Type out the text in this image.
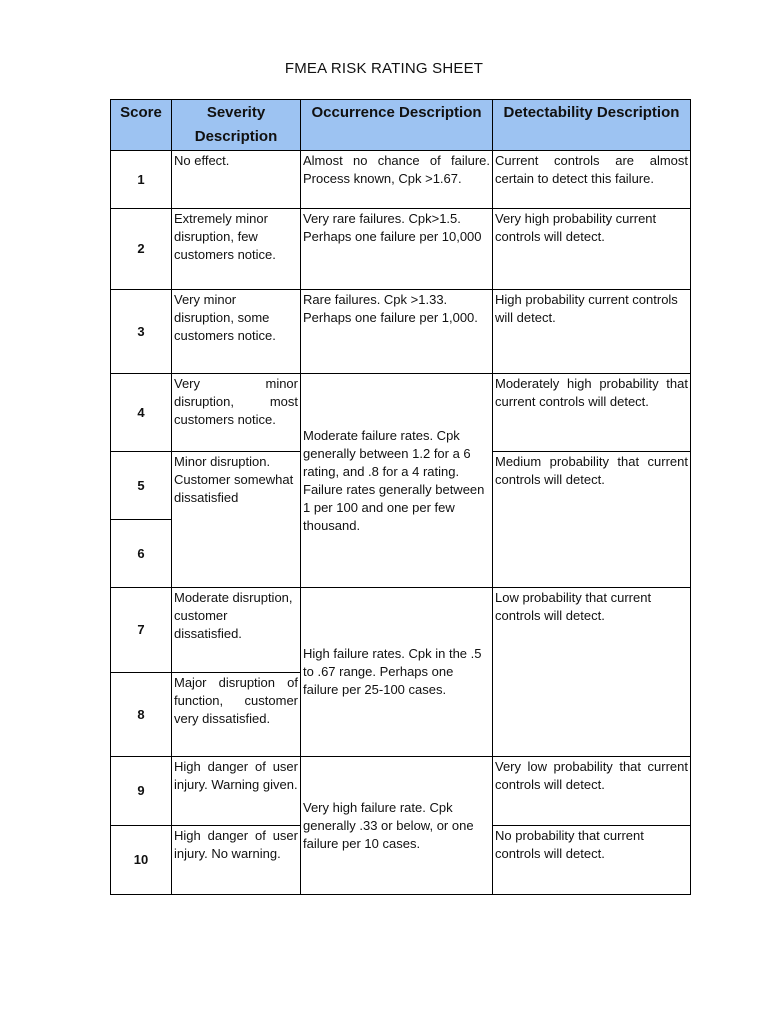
FMEA RISK RATING SHEET
Score	Severity Description	Occurrence Description	Detectability Description
1	No effect.	Almost no chance of failure. Process known, Cpk >1.67.	Current controls are almost certain to detect this failure.
2	Extremely minor disruption, few customers notice.	Very rare failures. Cpk>1.5. Perhaps one failure per 10,000	Very high probability current controls will detect.
3	Very minor disruption, some customers notice.	Rare failures. Cpk >1.33. Perhaps one failure per 1,000.	High probability current controls will detect.
4	Very minor disruption, most customers notice.	Moderate failure rates. Cpk generally between 1.2 for a 6 rating, and .8 for a 4 rating. Failure rates generally between 1 per 100 and one per few thousand.	Moderately high probability that current controls will detect.
5	Minor disruption. Customer somewhat dissatisfied		Medium probability that current controls will detect.
6			
7	Moderate disruption, customer dissatisfied.	High failure rates. Cpk in the .5 to .67 range. Perhaps one failure per 25-100 cases.	Low probability that current controls will detect.
8	Major disruption of function, customer very dissatisfied.		
9	High danger of user injury. Warning given.	Very high failure rate. Cpk generally .33 or below, or one failure per 10 cases.	Very low probability that current controls will detect.
10	High danger of user injury. No warning.		No probability that current controls will detect.
